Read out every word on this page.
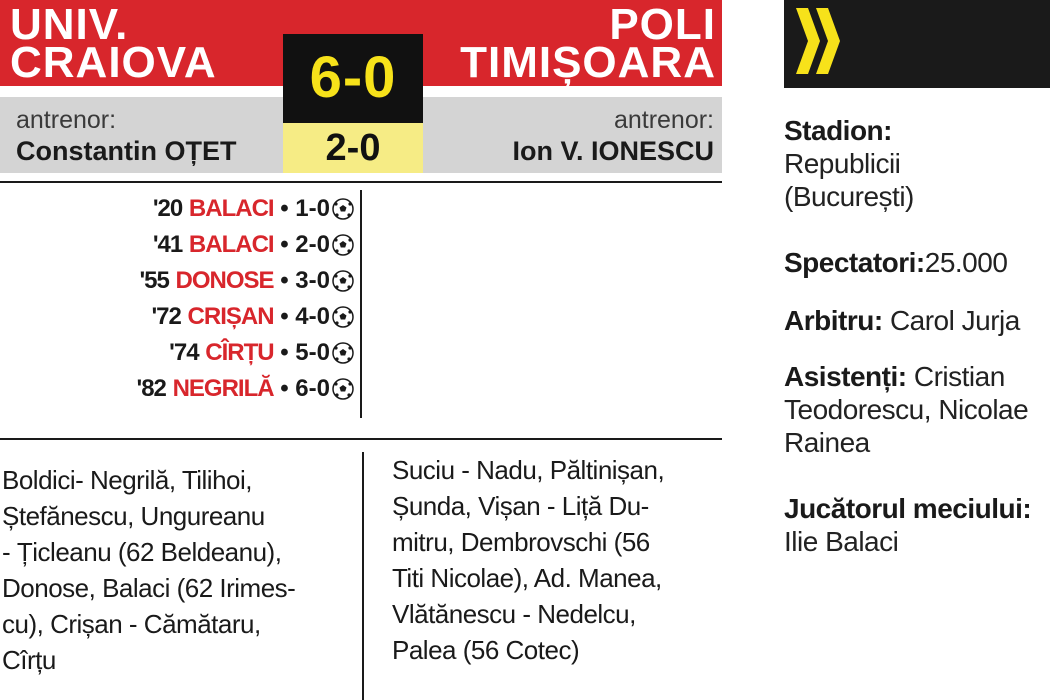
UNIV.
CRAIOVA
POLI
TIMIȘOARA
antrenor:
Constantin OȚET
antrenor:
Ion V. IONESCU
6-0
2-0
'20 BALACI • 1-0
'41 BALACI • 2-0
'55 DONOSE • 3-0
'72 CRIȘAN • 4-0
'74 CÎRȚU • 5-0
'82 NEGRILĂ • 6-0
Boldici- Negrilă, Tilihoi,
Ștefănescu, Ungureanu
- Țicleanu (62 Beldeanu),
Donose, Balaci (62 Irimes-
cu), Crișan - Cămătaru,
Cîrțu
Suciu - Nadu, Păltinișan,
Șunda, Vișan - Liță Du-
mitru, Dembrovschi (56
Titi Nicolae), Ad. Manea,
Vlătănescu - Nedelcu,
Palea (56 Cotec)
Stadion:
Republicii
(București)
Spectatori:25.000
Arbitru: Carol Jurja
Asistenți: Cristian
Teodorescu, Nicolae
Rainea
Jucătorul meciului:
Ilie Balaci
